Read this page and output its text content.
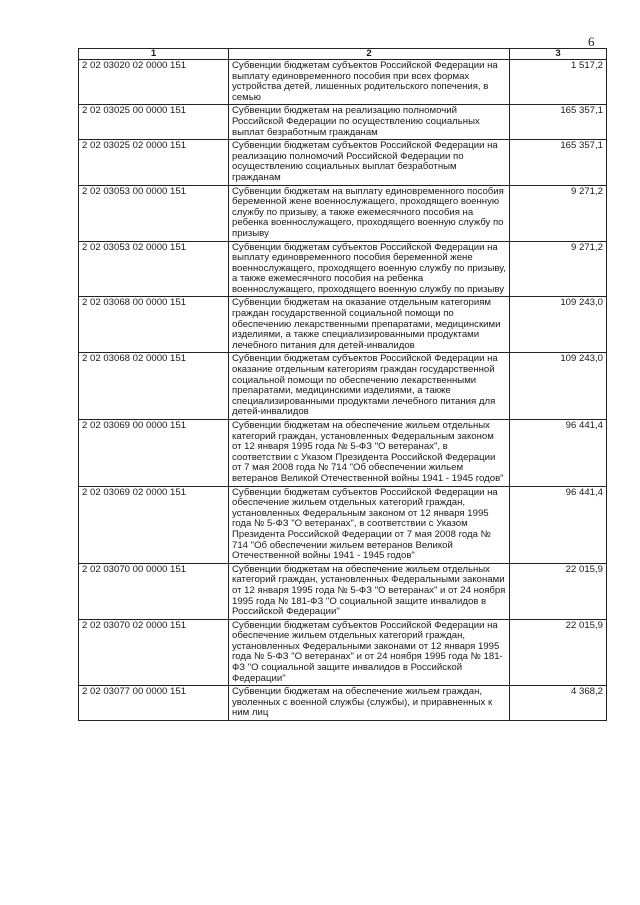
6
1	2	3
2 02 03020 02 0000 151	Субвенции бюджетам субъектов Российской Федерации на выплату единовременного пособия при всех формах устройства детей, лишенных родительского попечения, в семью	1 517,2
2 02 03025 00 0000 151	Субвенции бюджетам на реализацию полномочий Российской Федерации по осуществлению социальных выплат безработным гражданам	165 357,1
2 02 03025 02 0000 151	Субвенции бюджетам субъектов Российской Федерации на реализацию полномочий Российской Федерации по осуществлению социальных выплат безработным гражданам	165 357,1
2 02 03053 00 0000 151	Субвенции бюджетам на выплату единовременного пособия беременной жене военнослужащего, проходящего военную службу по призыву, а также ежемесячного пособия на ребенка военнослужащего, проходящего военную службу по призыву	9 271,2
2 02 03053 02 0000 151	Субвенции бюджетам субъектов Российской Федерации на выплату единовременного пособия беременной жене военнослужащего, проходящего военную службу по призыву, а также ежемесячного пособия на ребенка военнослужащего, проходящего военную службу по призыву	9 271,2
2 02 03068 00 0000 151	Субвенции бюджетам на оказание отдельным категориям граждан государственной социальной помощи по обеспечению лекарственными препаратами, медицинскими изделиями, а также специализированными продуктами лечебного питания для детей-инвалидов	109 243,0
2 02 03068 02 0000 151	Субвенции бюджетам субъектов Российской Федерации на оказание отдельным категориям граждан государственной социальной помощи по обеспечению лекарственными препаратами, медицинскими изделиями, а также специализированными продуктами лечебного питания для детей-инвалидов	109 243,0
2 02 03069 00 0000 151	Субвенции бюджетам на обеспечение жильем отдельных категорий граждан, установленных Федеральным законом от 12 января 1995 года № 5-ФЗ "О ветеранах", в соответствии с Указом Президента Российской Федерации от 7 мая 2008 года № 714 "Об обеспечении жильем ветеранов Великой Отечественной войны 1941 - 1945 годов"	96 441,4
2 02 03069 02 0000 151	Субвенции бюджетам субъектов Российской Федерации на обеспечение жильем отдельных категорий граждан, установленных Федеральным законом от 12 января 1995 года № 5-ФЗ "О ветеранах", в соответствии с Указом Президента Российской Федерации от 7 мая 2008 года № 714 "Об обеспечении жильем ветеранов Великой Отечественной войны 1941 - 1945 годов"	96 441,4
2 02 03070 00 0000 151	Субвенции бюджетам на обеспечение жильем отдельных категорий граждан, установленных Федеральными законами от 12 января 1995 года № 5-ФЗ "О ветеранах" и от 24 ноября 1995 года № 181-ФЗ "О социальной защите инвалидов в Российской Федерации"	22 015,9
2 02 03070 02 0000 151	Субвенции бюджетам субъектов Российской Федерации на обеспечение жильем отдельных категорий граждан, установленных Федеральными законами от 12 января 1995 года № 5-ФЗ "О ветеранах" и от 24 ноября 1995 года № 181-ФЗ "О социальной защите инвалидов в Российской Федерации"	22 015,9
2 02 03077 00 0000 151	Субвенции бюджетам на обеспечение жильем граждан, уволенных с военной службы (службы), и приравненных к ним лиц	4 368,2
